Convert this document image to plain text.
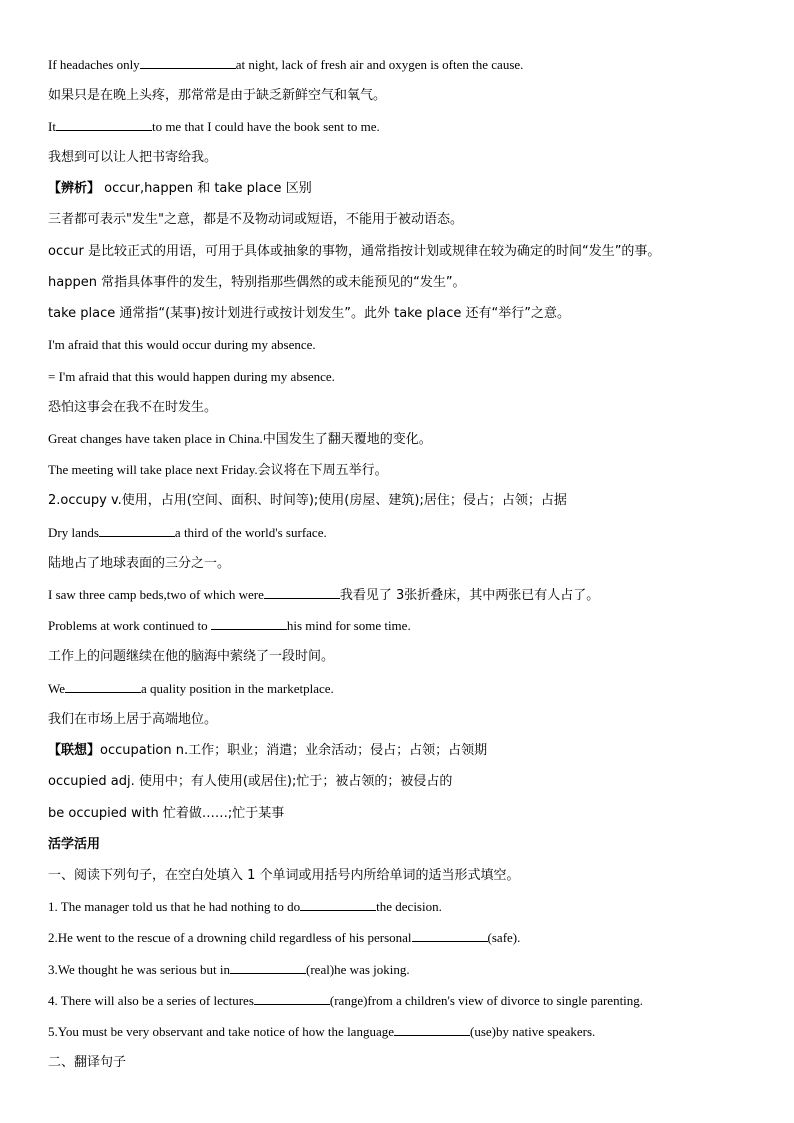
If headaches only	at night, lack of fresh air and oxygen is often the cause.
如果只是在晚上头疼，那常常是由于缺乏新鲜空气和氧气。
It	to me that I could have the book sent to me.
我想到可以让人把书寄给我。
【辨析】 occur,happen 和 take place 区别
三者都可表示"发生"之意，都是不及物动词或短语，不能用于被动语态。
occur 是比较正式的用语，可用于具体或抽象的事物，通常指按计划或规律在较为确定的时间“发生”的事。
happen 常指具体事件的发生，特别指那些偶然的或未能预见的“发生”。
take place 通常指“(某事)按计划进行或按计划发生”。此外 take place 还有“举行”之意。
I'm afraid that this would occur during my absence.
= I'm afraid that this would happen during my absence.
恐怕这事会在我不在时发生。
Great changes have taken place in China.中国发生了翻天覆地的变化。
The meeting will take place next Friday.会议将在下周五举行。
2.occupy v.使用，占用(空间、面积、时间等);使用(房屋、建筑);居住；侵占；占领；占据
Dry lands	a third of the world's surface.
陆地占了地球表面的三分之一。
I saw three camp beds,two of which were	我看见了 3张折叠床，其中两张已有人占了。
Problems at work continued to	his mind for some time.
工作上的问题继续在他的脑海中萦绕了一段时间。
We	a quality position in the marketplace.
我们在市场上居于高端地位。
【联想】occupation n.工作；职业；消遣；业余活动；侵占；占领；占领期
occupied adj. 使用中；有人使用(或居住);忙于；被占领的；被侵占的
be occupied with 忙着做……;忙于某事
活学活用
一、阅读下列句子，在空白处填入 1 个单词或用括号内所给单词的适当形式填空。
1. The manager told us that he had nothing to do	the decision.
2.He went to the rescue of a drowning child regardless of his personal	(safe).
3.We thought he was serious but in	(real)he was joking.
4. There will also be a series of lectures	(range)from a children's view of divorce to single parenting.
5.You must be very observant and take notice of how the language	(use)by native speakers.
二、翻译句子
